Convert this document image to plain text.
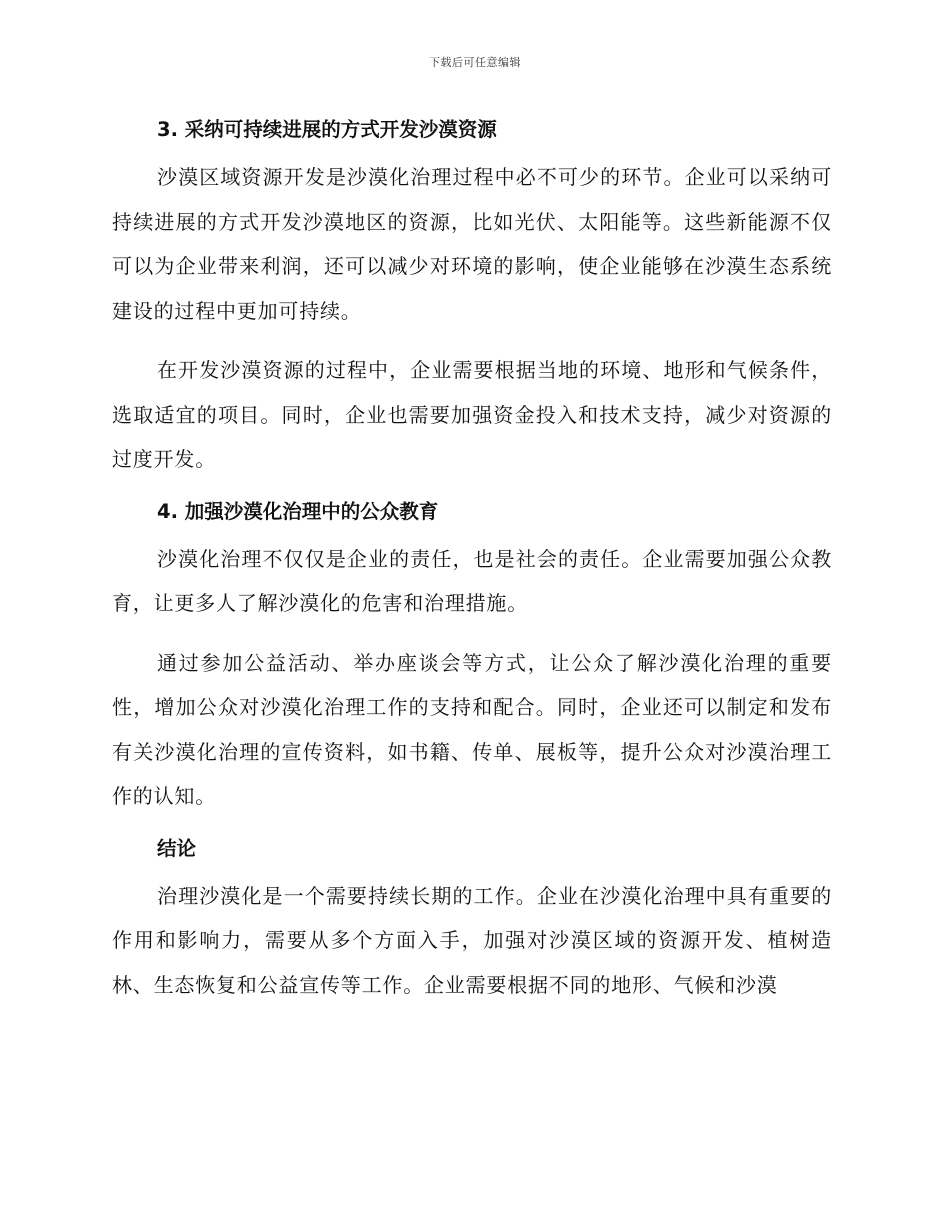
下载后可任意编辑
3. 采纳可持续进展的方式开发沙漠资源

沙漠区域资源开发是沙漠化治理过程中必不可少的环节。企业可以采纳可持续进展的方式开发沙漠地区的资源，比如光伏、太阳能等。这些新能源不仅可以为企业带来利润，还可以减少对环境的影响，使企业能够在沙漠生态系统建设的过程中更加可持续。

在开发沙漠资源的过程中，企业需要根据当地的环境、地形和气候条件，选取适宜的项目。同时，企业也需要加强资金投入和技术支持，减少对资源的过度开发。

4. 加强沙漠化治理中的公众教育

沙漠化治理不仅仅是企业的责任，也是社会的责任。企业需要加强公众教育，让更多人了解沙漠化的危害和治理措施。

通过参加公益活动、举办座谈会等方式，让公众了解沙漠化治理的重要性，增加公众对沙漠化治理工作的支持和配合。同时，企业还可以制定和发布有关沙漠化治理的宣传资料，如书籍、传单、展板等，提升公众对沙漠治理工作的认知。

结论

治理沙漠化是一个需要持续长期的工作。企业在沙漠化治理中具有重要的作用和影响力，需要从多个方面入手，加强对沙漠区域的资源开发、植树造林、生态恢复和公益宣传等工作。企业需要根据不同的地形、气候和沙漠
